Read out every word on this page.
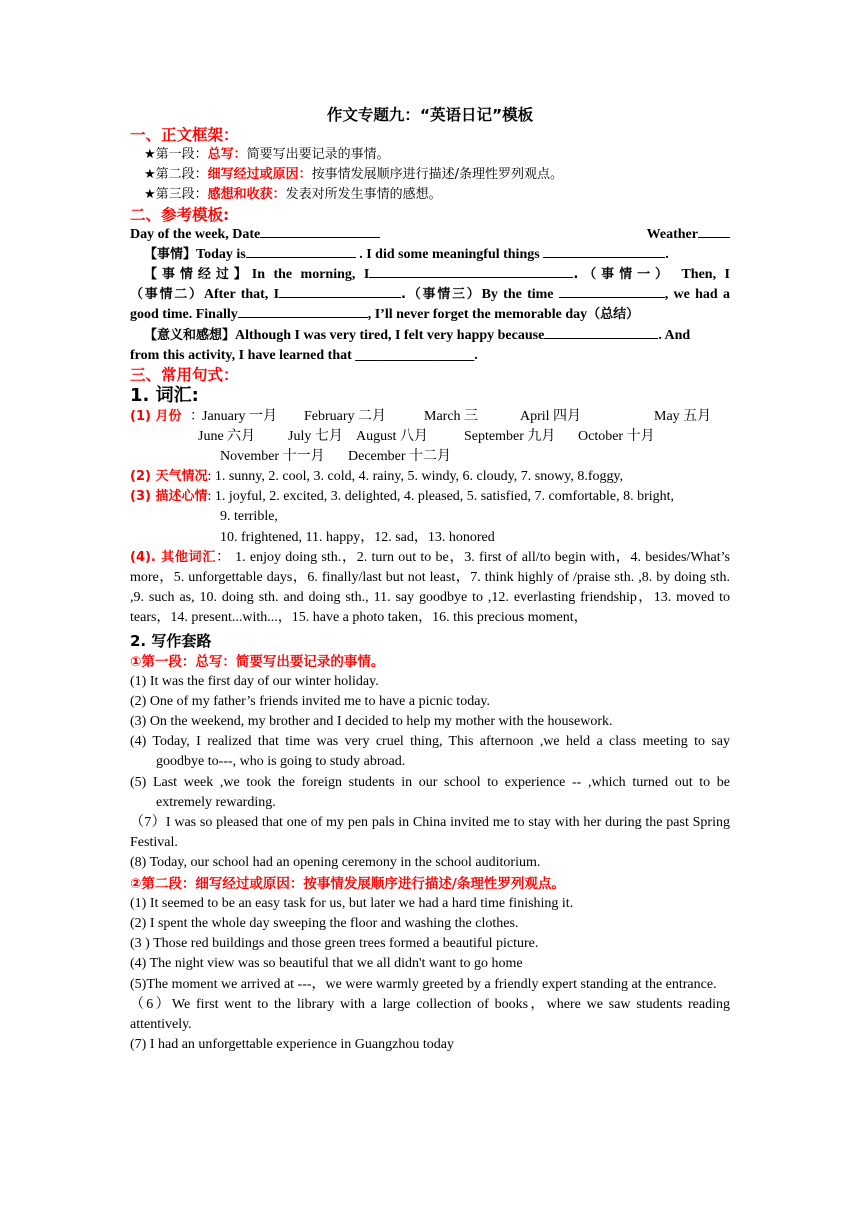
作文专题九：“英语日记”模板
一、正文框架：
★第一段：总写：简要写出要记录的事情。
★第二段：细写经过或原因：按事情发展顺序进行描述/条理性罗列观点。
★第三段：感想和收获：发表对所发生事情的感想。
二、参考模板:
Day of the week, Date	Weather
【事情】Today is	. I did some meaningful things	.
【事情经过】In the morning, I	.（事情一） Then, I
（事情二）After that, I	.（事情三）By the time	, we had a
good time. Finally	, I’ll never forget the memorable day（总结）
【意义和感想】Although I was very tired, I felt very happy because	. And
from this activity, I have learned that _________________.
三、常用句式：
1. 词汇:
(1) 月份 ：
January 一月 February 二月	March 三	April 四月	May 五月
June 六月 July 七月 August 八月	September 九月 October 十月
November 十一月 December 十二月
(2) 天气情况: 1. sunny, 2. cool, 3. cold, 4. rainy, 5. windy, 6. cloudy, 7. snowy, 8.foggy,
(3) 描述心情: 1. joyful, 2. excited, 3. delighted, 4. pleased, 5. satisfied, 7. comfortable, 8. bright,
9. terrible,
10. frightened, 11. happy，12. sad，13. honored
(4). 其他词汇： 1. enjoy doing sth.，2. turn out to be，3. first of all/to begin with，4. besides/What’s more，5. unforgettable days，6. finally/last but not least，7. think highly of /praise sth. ,8. by doing sth. ,9. such as, 10. doing sth. and doing sth., 11. say goodbye to ,12. everlasting friendship，13. moved to tears，14. present...with...，15. have a photo taken，16. this precious moment，
2. 写作套路
①第一段：总写：简要写出要记录的事情。
(1) It was the first day of our winter holiday.
(2) One of my father’s friends invited me to have a picnic today.
(3) On the weekend, my brother and I decided to help my mother with the housework.
(4) Today, I realized that time was very cruel thing, This afternoon ,we held a class meeting to say goodbye to---, who is going to study abroad.
(5) Last week ,we took the foreign students in our school to experience -- ,which turned out to be extremely rewarding.
（7）I was so pleased that one of my pen pals in China invited me to stay with her during the past Spring Festival.
(8) Today, our school had an opening ceremony in the school auditorium.
②第二段：细写经过或原因：按事情发展顺序进行描述/条理性罗列观点。
(1) It seemed to be an easy task for us, but later we had a hard time finishing it.
(2) I spent the whole day sweeping the floor and washing the clothes.
(3 ) Those red buildings and those green trees formed a beautiful picture.
(4) The night view was so beautiful that we all didn't want to go home
(5)The moment we arrived at ---，we were warmly greeted by a friendly expert standing at the entrance.
（6）We first went to the library with a large collection of books，where we saw students reading attentively.
(7) I had an unforgettable experience in Guangzhou today
